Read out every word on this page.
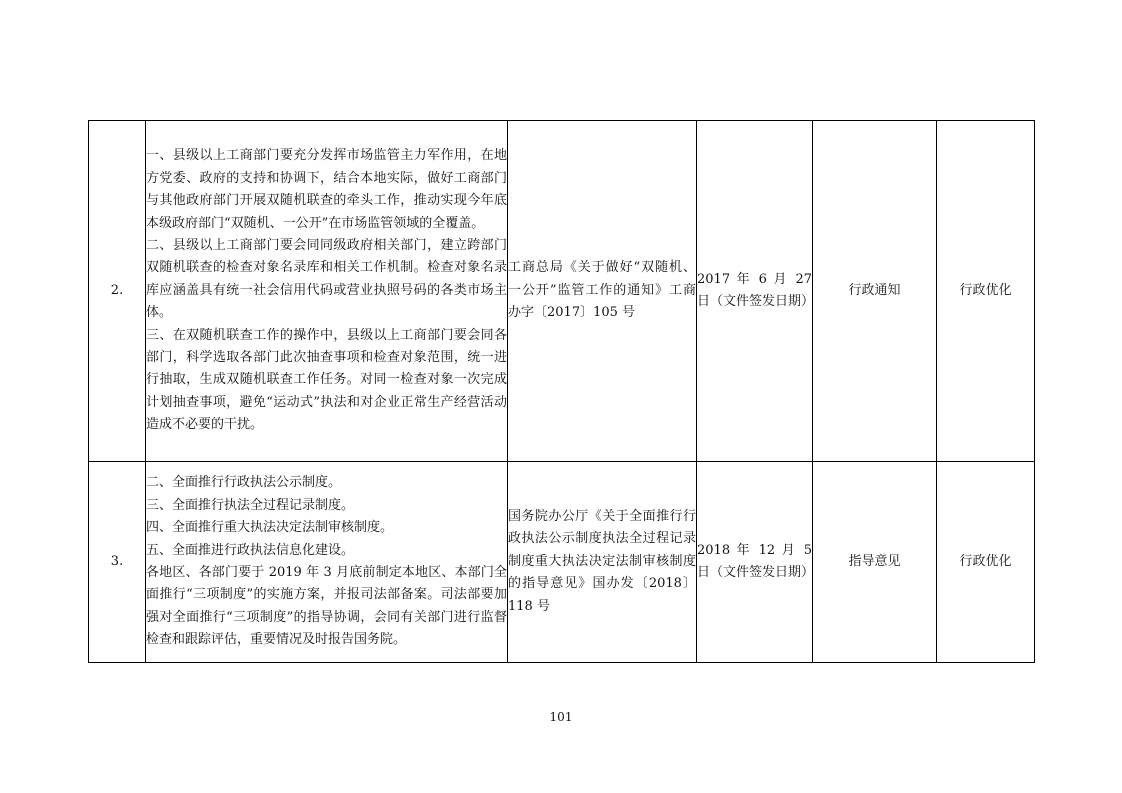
2.	一、县级以上工商部门要充分发挥市场监管主力军作用，在地方党委、政府的支持和协调下，结合本地实际，做好工商部门与其他政府部门开展双随机联查的牵头工作，推动实现今年底本级政府部门“双随机、一公开”在市场监管领域的全覆盖。
二、县级以上工商部门要会同同级政府相关部门，建立跨部门双随机联查的检查对象名录库和相关工作机制。检查对象名录库应涵盖具有统一社会信用代码或营业执照号码的各类市场主体。
三、在双随机联查工作的操作中，县级以上工商部门要会同各部门，科学选取各部门此次抽查事项和检查对象范围，统一进行抽取，生成双随机联查工作任务。对同一检查对象一次完成计划抽查事项，避免“运动式”执法和对企业正常生产经营活动造成不必要的干扰。	工商总局《关于做好“双随机、一公开”监管工作的通知》工商办字〔2017〕105 号	2017 年 6 月 27 日（文件签发日期）	行政通知	行政优化
3.	二、全面推行行政执法公示制度。
三、全面推行执法全过程记录制度。
四、全面推行重大执法决定法制审核制度。
五、全面推进行政执法信息化建设。
各地区、各部门要于 2019 年 3 月底前制定本地区、本部门全面推行“三项制度”的实施方案，并报司法部备案。司法部要加强对全面推行“三项制度”的指导协调，会同有关部门进行监督检查和跟踪评估，重要情况及时报告国务院。	国务院办公厅《关于全面推行行政执法公示制度执法全过程记录制度重大执法决定法制审核制度的指导意见》国办发〔2018〕118 号	2018 年 12 月 5 日（文件签发日期）	指导意见	行政优化
101
